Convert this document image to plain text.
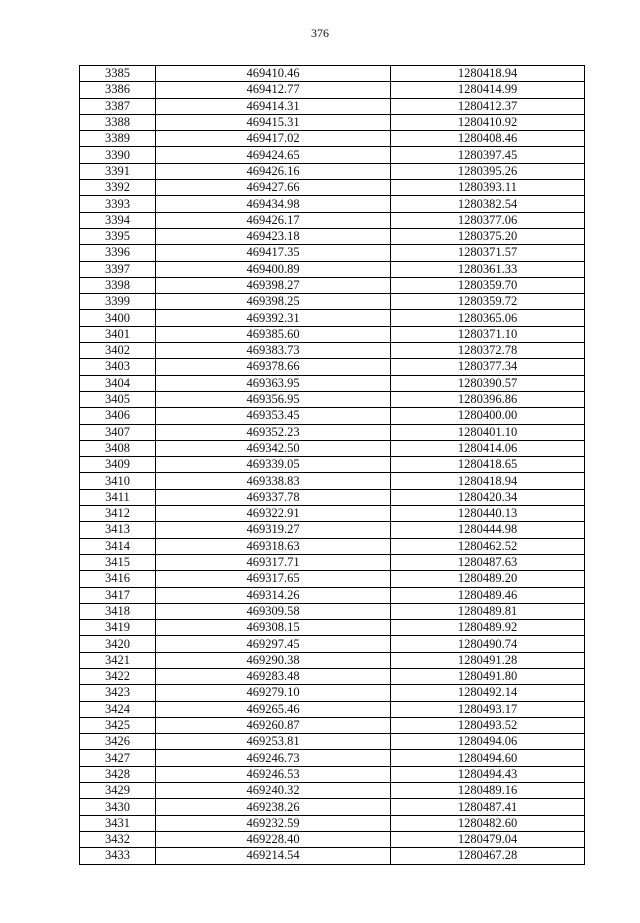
376
3385	469410.46	1280418.94
3386	469412.77	1280414.99
3387	469414.31	1280412.37
3388	469415.31	1280410.92
3389	469417.02	1280408.46
3390	469424.65	1280397.45
3391	469426.16	1280395.26
3392	469427.66	1280393.11
3393	469434.98	1280382.54
3394	469426.17	1280377.06
3395	469423.18	1280375.20
3396	469417.35	1280371.57
3397	469400.89	1280361.33
3398	469398.27	1280359.70
3399	469398.25	1280359.72
3400	469392.31	1280365.06
3401	469385.60	1280371.10
3402	469383.73	1280372.78
3403	469378.66	1280377.34
3404	469363.95	1280390.57
3405	469356.95	1280396.86
3406	469353.45	1280400.00
3407	469352.23	1280401.10
3408	469342.50	1280414.06
3409	469339.05	1280418.65
3410	469338.83	1280418.94
3411	469337.78	1280420.34
3412	469322.91	1280440.13
3413	469319.27	1280444.98
3414	469318.63	1280462.52
3415	469317.71	1280487.63
3416	469317.65	1280489.20
3417	469314.26	1280489.46
3418	469309.58	1280489.81
3419	469308.15	1280489.92
3420	469297.45	1280490.74
3421	469290.38	1280491.28
3422	469283.48	1280491.80
3423	469279.10	1280492.14
3424	469265.46	1280493.17
3425	469260.87	1280493.52
3426	469253.81	1280494.06
3427	469246.73	1280494.60
3428	469246.53	1280494.43
3429	469240.32	1280489.16
3430	469238.26	1280487.41
3431	469232.59	1280482.60
3432	469228.40	1280479.04
3433	469214.54	1280467.28
